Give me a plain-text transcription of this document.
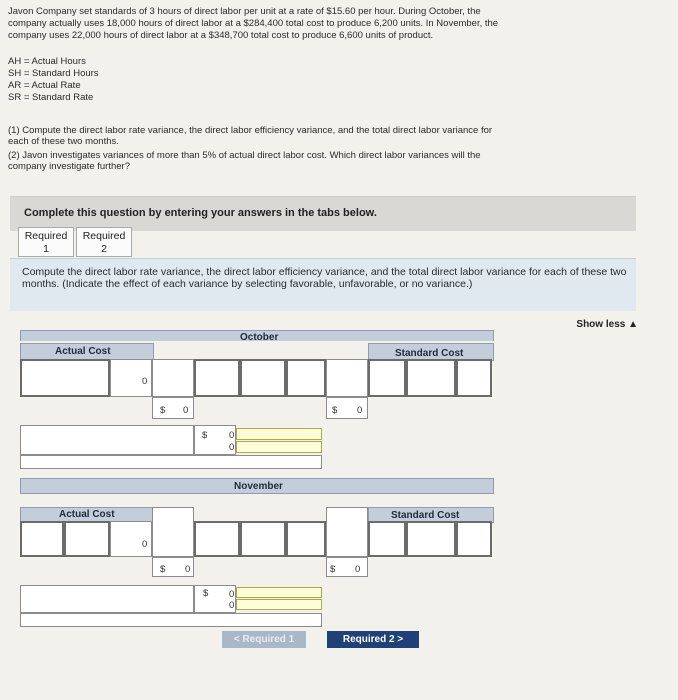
Javon Company set standards of 3 hours of direct labor per unit at a rate of $15.60 per hour. During October, the
company actually uses 18,000 hours of direct labor at a $284,400 total cost to produce 6,200 units. In November, the
company uses 22,000 hours of direct labor at a $348,700 total cost to produce 6,600 units of product.
AH = Actual Hours
SH = Standard Hours
AR = Actual Rate
SR = Standard Rate
(1) Compute the direct labor rate variance, the direct labor efficiency variance, and the total direct labor variance for
each of these two months.
(2) Javon investigates variances of more than 5% of actual direct labor cost. Which direct labor variances will the
company investigate further?
Complete this question by entering your answers in the tabs below.
Required
1
Required
2
Compute the direct labor rate variance, the direct labor efficiency variance, and the total direct labor variance for each of these two months. (Indicate the effect of each variance by selecting favorable, unfavorable, or no variance.)
Show less ▲
October
Actual Cost	Standard Cost
0
$ 0	$ 0
$ 0
0
November
Actual Cost	Standard Cost
0
$ 0	$ 0
$ 0
0
< Required 1	Required 2 >
